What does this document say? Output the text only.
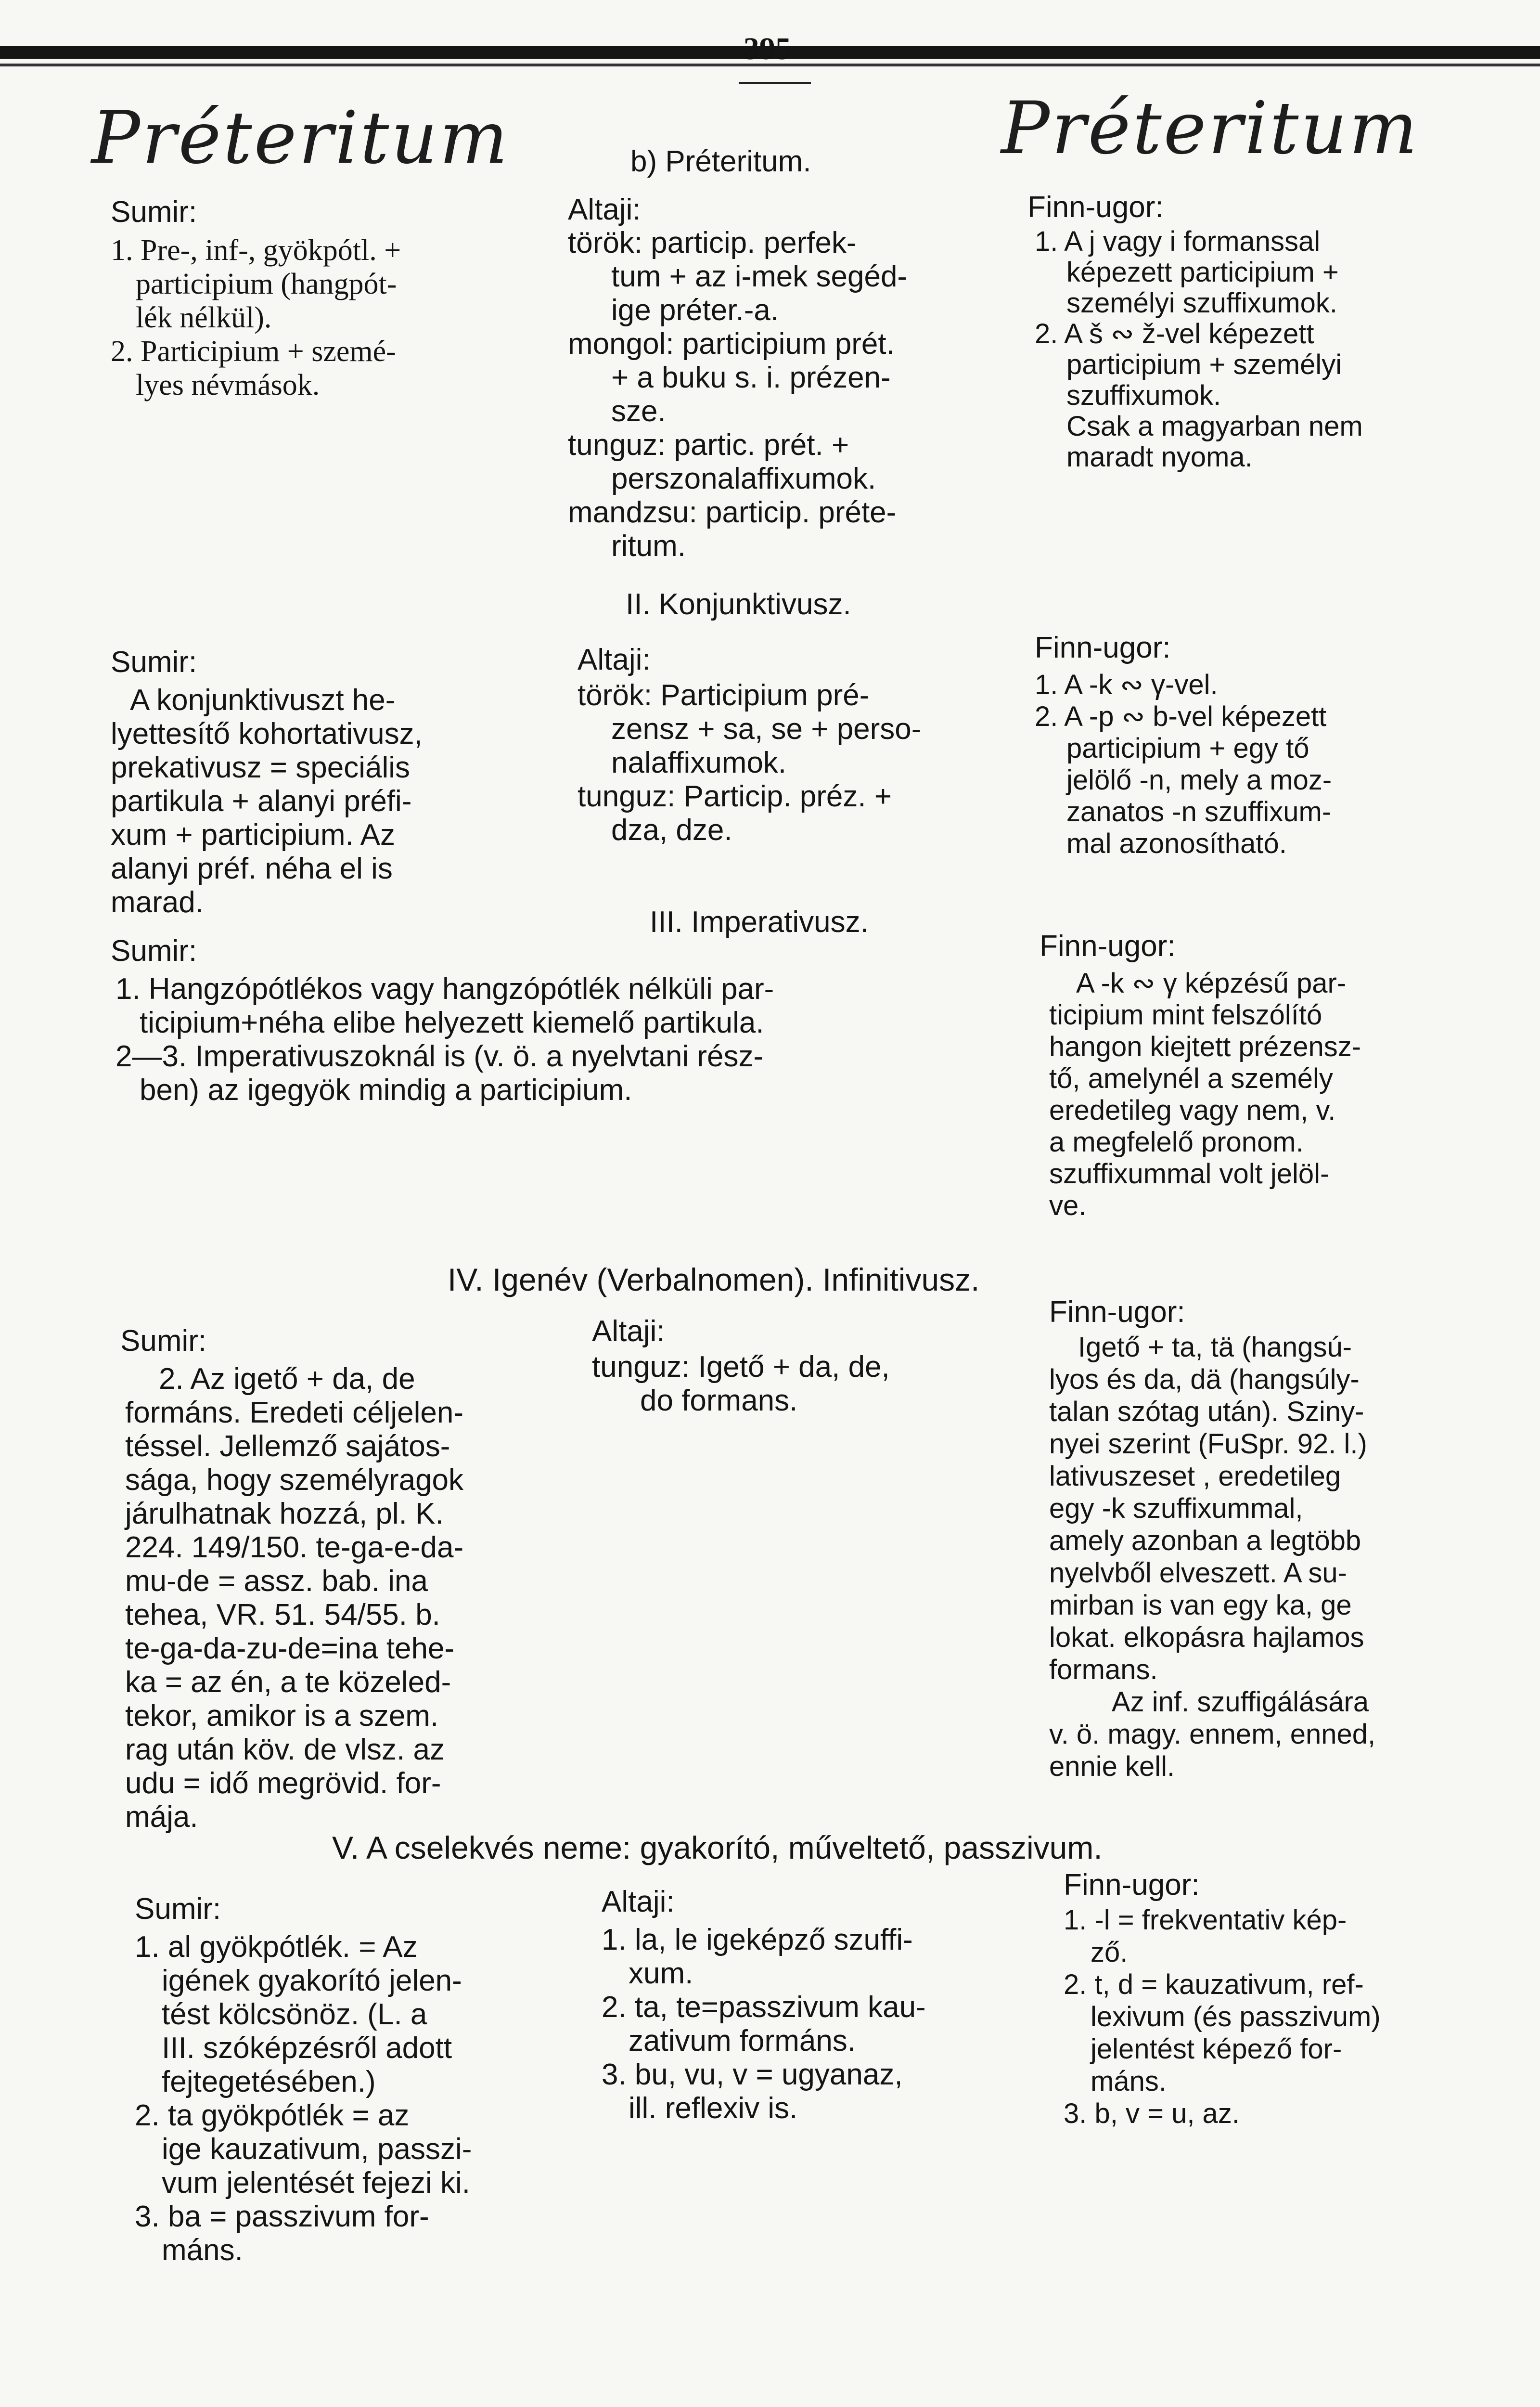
395
Préteritum	Préteritum
b) Préteritum.
Sumir:
1. Pre-, inf-, gyökpótl. +
participium (hangpót-
lék nélkül).
2. Participium + szemé-
lyes névmások.
Altaji:
török: particip. perfek-
tum + az i-mek segéd-
ige préter.-a.
mongol: participium prét.
+ a buku s. i. prézen-
sze.
tunguz: partic. prét. +
perszonalaffixumok.
mandzsu: particip. préte-
ritum.
Finn-ugor:
1. A j vagy i formanssal
képezett participium +
személyi szuffixumok.
2. A š ∾ ž-vel képezett
participium + személyi
szuffixumok.
Csak a magyarban nem
maradt nyoma.
II. Konjunktivusz.
Sumir:
A konjunktivuszt he-
lyettesítő kohortativusz,
prekativusz = speciális
partikula + alanyi préfi-
xum + participium. Az
alanyi préf. néha el is
marad.
Altaji:
török: Participium pré-
zensz + sa, se + perso-
nalaffixumok.
tunguz: Particip. préz. +
dza, dze.
Finn-ugor:
1. A -k ∾ γ-vel.
2. A -p ∾ b-vel képezett
participium + egy tő
jelölő -n, mely a moz-
zanatos -n szuffixum-
mal azonosítható.
III. Imperativusz.
Sumir:
1. Hangzópótlékos vagy hangzópótlék nélküli par-
ticipium+néha elibe helyezett kiemelő partikula.
2—3. Imperativuszoknál is (v. ö. a nyelvtani rész-
ben) az igegyök mindig a participium.
Finn-ugor:
A -k ∾ γ képzésű par-
ticipium mint felszólító
hangon kiejtett prézensz-
tő, amelynél a személy
eredetileg vagy nem, v.
a megfelelő pronom.
szuffixummal volt jelöl-
ve.
IV. Igenév (Verbalnomen). Infinitivusz.
Sumir:
2. Az igető + da, de
formáns. Eredeti céljelen-
téssel. Jellemző sajátos-
sága, hogy személyragok
járulhatnak hozzá, pl. K.
224. 149/150. te-ga-e-da-
mu-de = assz. bab. ina
tehea, VR. 51. 54/55. b.
te-ga-da-zu-de=ina tehe-
ka = az én, a te közeled-
tekor, amikor is a szem.
rag után köv. de vlsz. az
udu = idő megrövid. for-
mája.
Altaji:
tunguz: Igető + da, de,
do formans.
Finn-ugor:
Igető + ta, tä (hangsú-
lyos és da, dä (hangsúly-
talan szótag után). Sziny-
nyei szerint (FuSpr. 92. l.)
lativuszeset , eredetileg
egy -k szuffixummal,
amely azonban a legtöbb
nyelvből elveszett. A su-
mirban is van egy ka, ge
lokat. elkopásra hajlamos
formans.
Az inf. szuffigálására
v. ö. magy. ennem, enned,
ennie kell.
V. A cselekvés neme: gyakorító, műveltető, passzivum.
Sumir:
1. al gyökpótlék. = Az
igének gyakorító jelen-
tést kölcsönöz. (L. a
III. szóképzésről adott
fejtegetésében.)
2. ta gyökpótlék = az
ige kauzativum, passzi-
vum jelentését fejezi ki.
3. ba = passzivum for-
máns.
Altaji:
1. la, le igeképző szuffi-
xum.
2. ta, te=passzivum kau-
zativum formáns.
3. bu, vu, v = ugyanaz,
ill. reflexiv is.
Finn-ugor:
1. -l = frekventativ kép-
ző.
2. t, d = kauzativum, ref-
lexivum (és passzivum)
jelentést képező for-
máns.
3. b, v = u, az.
